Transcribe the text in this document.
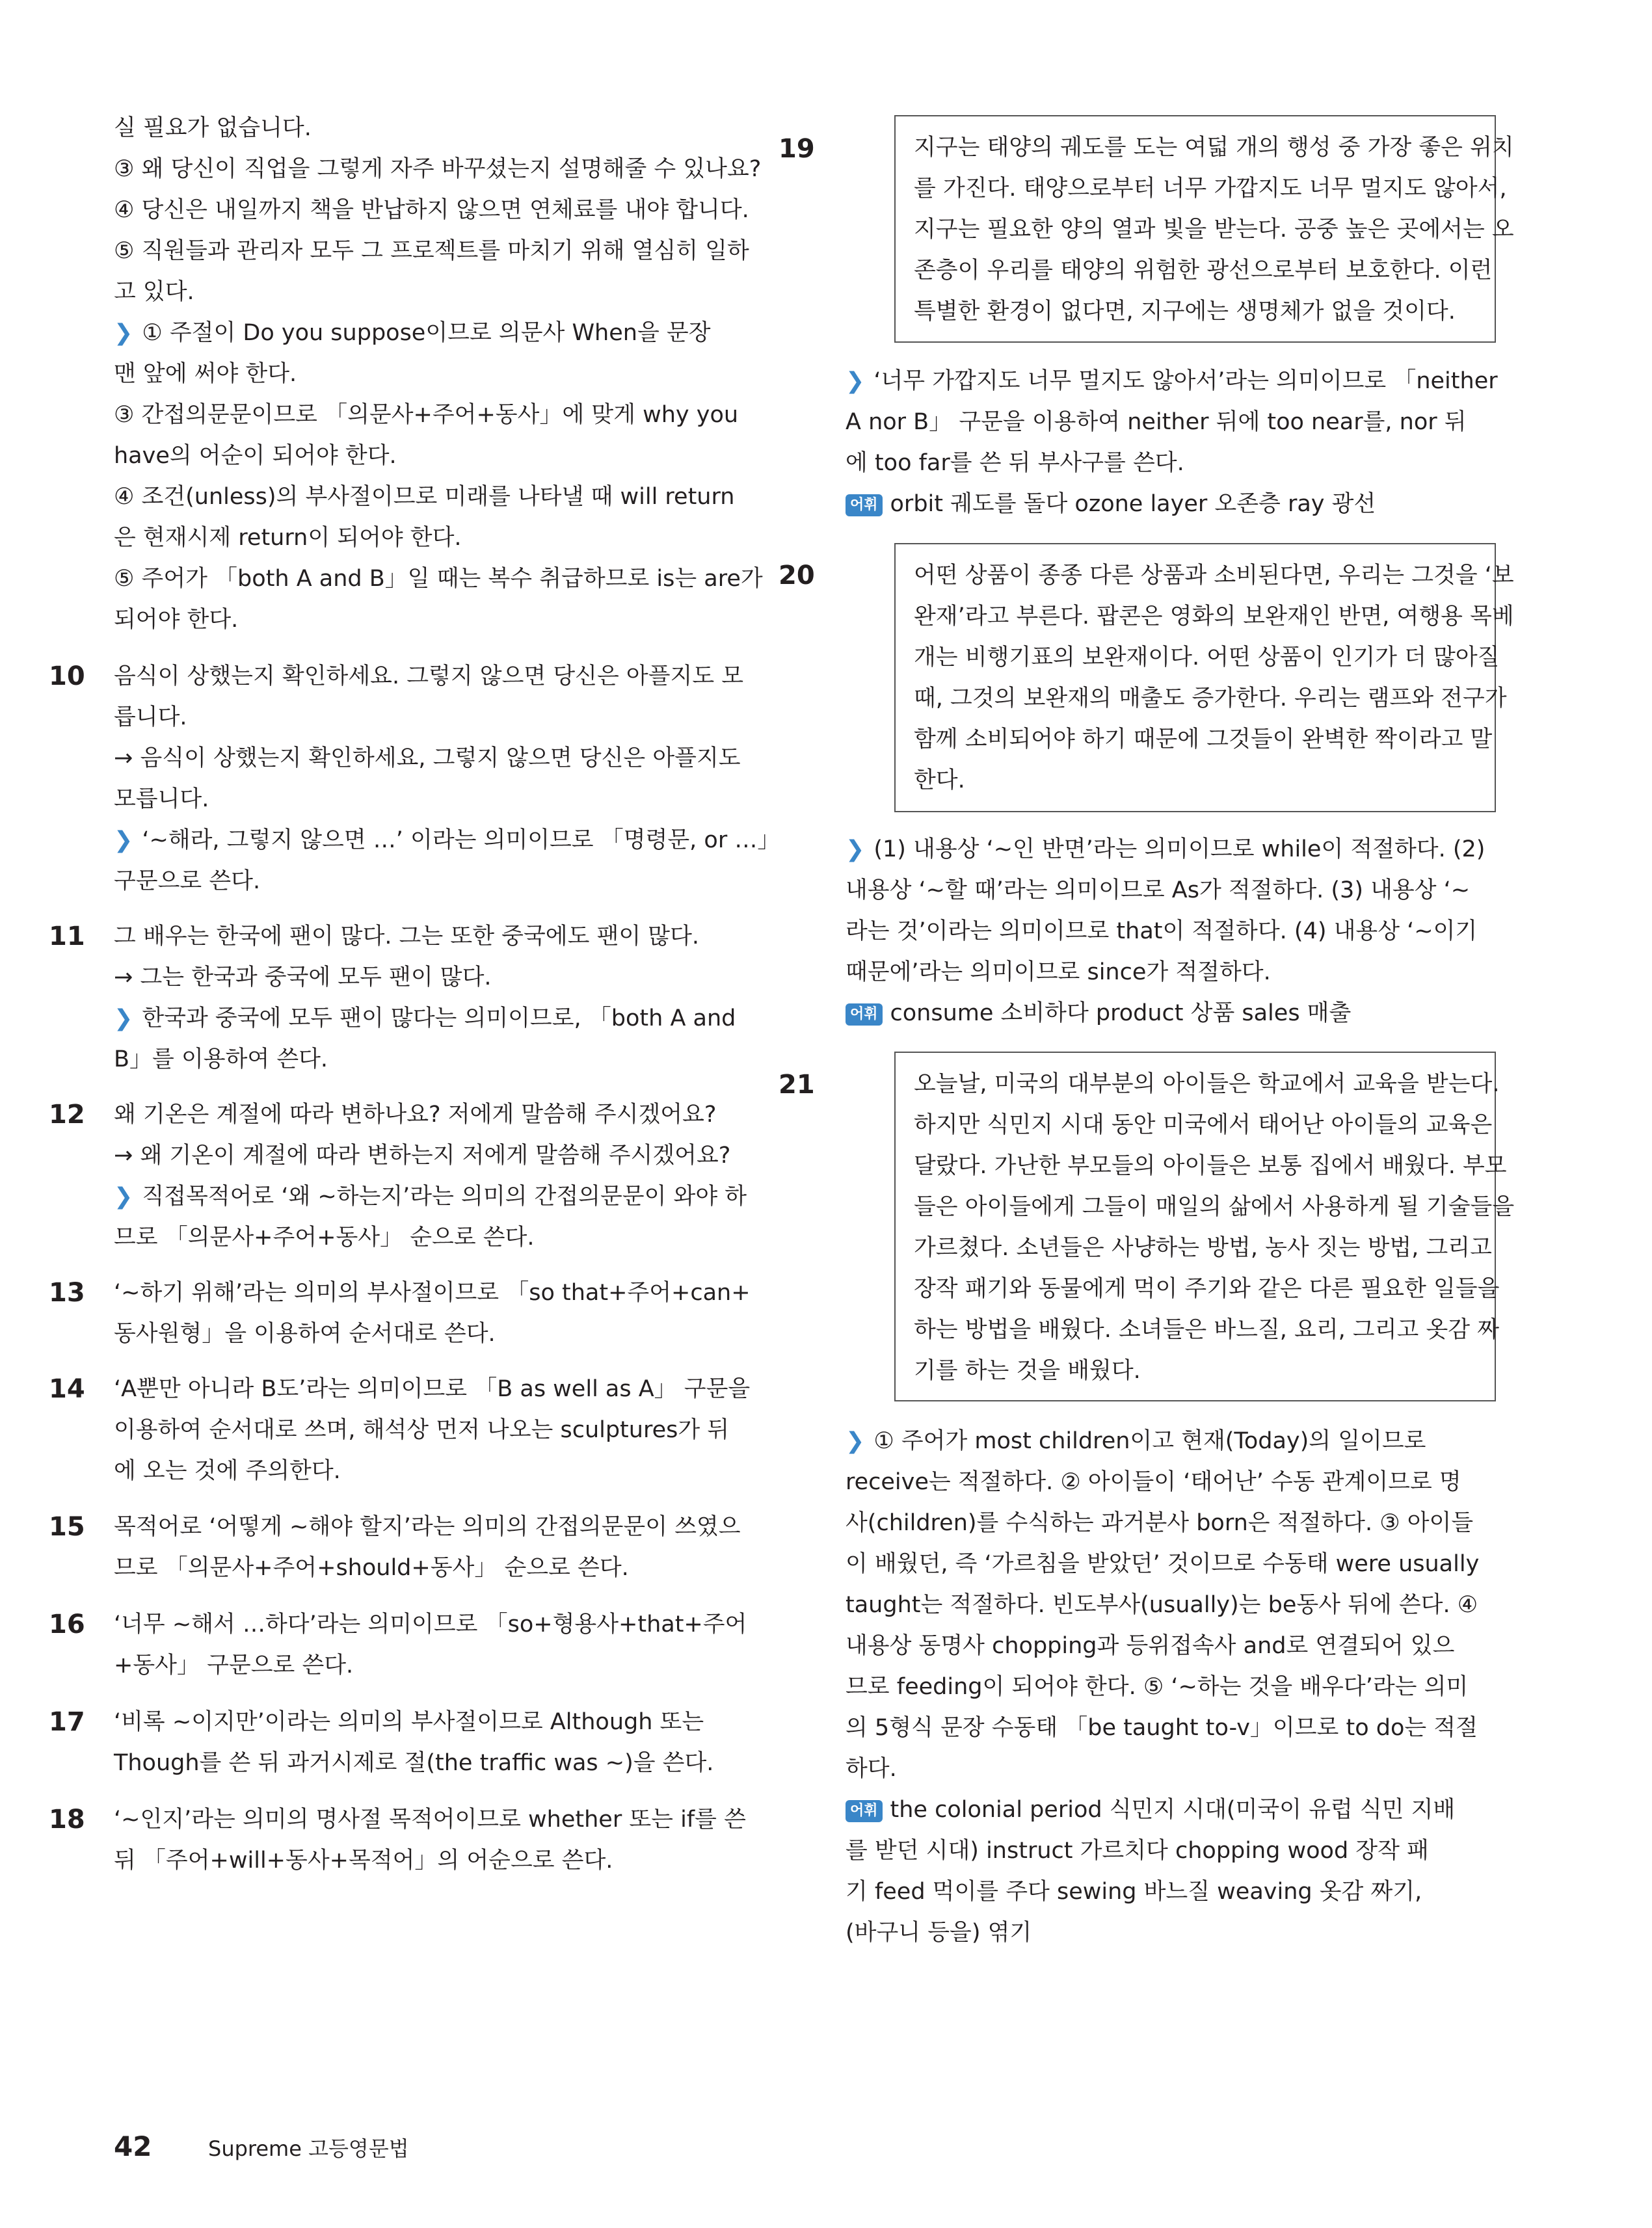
실 필요가 없습니다.
③ 왜 당신이 직업을 그렇게 자주 바꾸셨는지 설명해줄 수 있나요?
④ 당신은 내일까지 책을 반납하지 않으면 연체료를 내야 합니다.
⑤ 직원들과 관리자 모두 그 프로젝트를 마치기 위해 열심히 일하
고 있다.
❯ ① 주절이 Do you suppose이므로 의문사 When을 문장
맨 앞에 써야 한다.
③ 간접의문문이므로 「의문사+주어+동사」에 맞게 why you
have의 어순이 되어야 한다.
④ 조건(unless)의 부사절이므로 미래를 나타낼 때 will return
은 현재시제 return이 되어야 한다.
⑤ 주어가 「both A and B」일 때는 복수 취급하므로 is는 are가
되어야 한다.
10 음식이 상했는지 확인하세요. 그렇지 않으면 당신은 아플지도 모
릅니다.
→ 음식이 상했는지 확인하세요, 그렇지 않으면 당신은 아플지도
모릅니다.
❯ ‘~해라, 그렇지 않으면 …’ 이라는 의미이므로 「명령문, or …」
구문으로 쓴다.
11 그 배우는 한국에 팬이 많다. 그는 또한 중국에도 팬이 많다.
→ 그는 한국과 중국에 모두 팬이 많다.
❯ 한국과 중국에 모두 팬이 많다는 의미이므로, 「both A and
B」를 이용하여 쓴다.
12 왜 기온은 계절에 따라 변하나요? 저에게 말씀해 주시겠어요?
→ 왜 기온이 계절에 따라 변하는지 저에게 말씀해 주시겠어요?
❯ 직접목적어로 ‘왜 ~하는지’라는 의미의 간접의문문이 와야 하
므로 「의문사+주어+동사」 순으로 쓴다.
13 ‘~하기 위해’라는 의미의 부사절이므로 「so that+주어+can+
동사원형」을 이용하여 순서대로 쓴다.
14 ‘A뿐만 아니라 B도’라는 의미이므로 「B as well as A」 구문을
이용하여 순서대로 쓰며, 해석상 먼저 나오는 sculptures가 뒤
에 오는 것에 주의한다.
15 목적어로 ‘어떻게 ~해야 할지’라는 의미의 간접의문문이 쓰였으
므로 「의문사+주어+should+동사」 순으로 쓴다.
16 ‘너무 ~해서 …하다’라는 의미이므로 「so+형용사+that+주어
+동사」 구문으로 쓴다.
17 ‘비록 ~이지만’이라는 의미의 부사절이므로 Although 또는
Though를 쓴 뒤 과거시제로 절(the traffic was ~)을 쓴다.
18 ‘~인지’라는 의미의 명사절 목적어이므로 whether 또는 if를 쓴
뒤 「주어+will+동사+목적어」의 어순으로 쓴다.
19	지구는 태양의 궤도를 도는 여덟 개의 행성 중 가장 좋은 위치
를 가진다. 태양으로부터 너무 가깝지도 너무 멀지도 않아서,
지구는 필요한 양의 열과 빛을 받는다. 공중 높은 곳에서는 오
존층이 우리를 태양의 위험한 광선으로부터 보호한다. 이런
특별한 환경이 없다면, 지구에는 생명체가 없을 것이다.
❯ ‘너무 가깝지도 너무 멀지도 않아서’라는 의미이므로 「neither
A nor B」 구문을 이용하여 neither 뒤에 too near를, nor 뒤
에 too far를 쓴 뒤 부사구를 쓴다.
어휘 orbit 궤도를 돌다 ozone layer 오존층 ray 광선
20	어떤 상품이 종종 다른 상품과 소비된다면, 우리는 그것을 ‘보
완재’라고 부른다. 팝콘은 영화의 보완재인 반면, 여행용 목베
개는 비행기표의 보완재이다. 어떤 상품이 인기가 더 많아질
때, 그것의 보완재의 매출도 증가한다. 우리는 램프와 전구가
함께 소비되어야 하기 때문에 그것들이 완벽한 짝이라고 말
한다.
❯ (1) 내용상 ‘~인 반면’라는 의미이므로 while이 적절하다. (2)
내용상 ‘~할 때’라는 의미이므로 As가 적절하다. (3) 내용상 ‘~
라는 것’이라는 의미이므로 that이 적절하다. (4) 내용상 ‘~이기
때문에’라는 의미이므로 since가 적절하다.
어휘 consume 소비하다 product 상품 sales 매출
21	오늘날, 미국의 대부분의 아이들은 학교에서 교육을 받는다.
하지만 식민지 시대 동안 미국에서 태어난 아이들의 교육은
달랐다. 가난한 부모들의 아이들은 보통 집에서 배웠다. 부모
들은 아이들에게 그들이 매일의 삶에서 사용하게 될 기술들을
가르쳤다. 소년들은 사냥하는 방법, 농사 짓는 방법, 그리고
장작 패기와 동물에게 먹이 주기와 같은 다른 필요한 일들을
하는 방법을 배웠다. 소녀들은 바느질, 요리, 그리고 옷감 짜
기를 하는 것을 배웠다.
❯ ① 주어가 most children이고 현재(Today)의 일이므로
receive는 적절하다. ② 아이들이 ‘태어난’ 수동 관계이므로 명
사(children)를 수식하는 과거분사 born은 적절하다. ③ 아이들
이 배웠던, 즉 ‘가르침을 받았던’ 것이므로 수동태 were usually
taught는 적절하다. 빈도부사(usually)는 be동사 뒤에 쓴다. ④
내용상 동명사 chopping과 등위접속사 and로 연결되어 있으
므로 feeding이 되어야 한다. ⑤ ‘~하는 것을 배우다’라는 의미
의 5형식 문장 수동태 「be taught to-v」이므로 to do는 적절
하다.
어휘 the colonial period 식민지 시대(미국이 유럽 식민 지배
를 받던 시대) instruct 가르치다 chopping wood 장작 패
기 feed 먹이를 주다 sewing 바느질 weaving 옷감 짜기,
(바구니 등을) 엮기
42	Supreme 고등영문법
